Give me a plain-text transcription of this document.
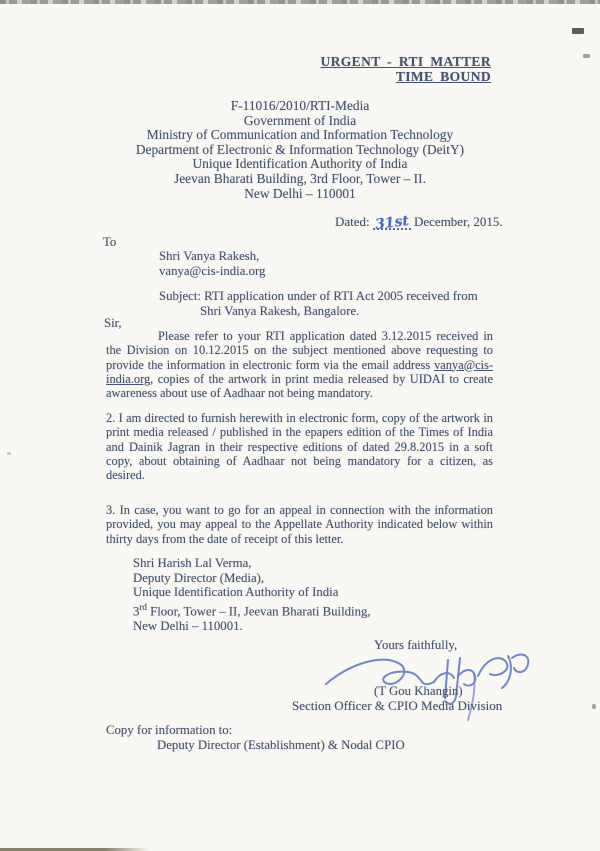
URGENT - RTI MATTER
TIME BOUND
F-11016/2010/RTI-Media
Government of India
Ministry of Communication and Information Technology
Department of Electronic & Information Technology (DeitY)
Unique Identification Authority of India
Jeevan Bharati Building, 3rd Floor, Tower – II.
New Delhi – 110001
Dated: 31st December, 2015.
To
Shri Vanya Rakesh,
vanya@cis-india.org
Subject: RTI application under of RTI Act 2005 received from
Shri Vanya Rakesh, Bangalore.
Sir,
Please refer to your RTI application dated 3.12.2015 received in the Division on 10.12.2015 on the subject mentioned above requesting to provide the information in electronic form via the email address vanya@cis-india.org, copies of the artwork in print media released by UIDAI to create awareness about use of Aadhaar not being mandatory.
2. I am directed to furnish herewith in electronic form, copy of the artwork in print media released / published in the epapers edition of the Times of India and Dainik Jagran in their respective editions of dated 29.8.2015 in a soft copy, about obtaining of Aadhaar not being mandatory for a citizen, as desired.
3. In case, you want to go for an appeal in connection with the information provided, you may appeal to the Appellate Authority indicated below within thirty days from the date of receipt of this letter.
Shri Harish Lal Verma,
Deputy Director (Media),
Unique Identification Authority of India
3rd Floor, Tower – II, Jeevan Bharati Building,
New Delhi – 110001.
Yours faithfully,
(T Gou Khangin)
Section Officer & CPIO Media Division
Copy for information to:
Deputy Director (Establishment) & Nodal CPIO
